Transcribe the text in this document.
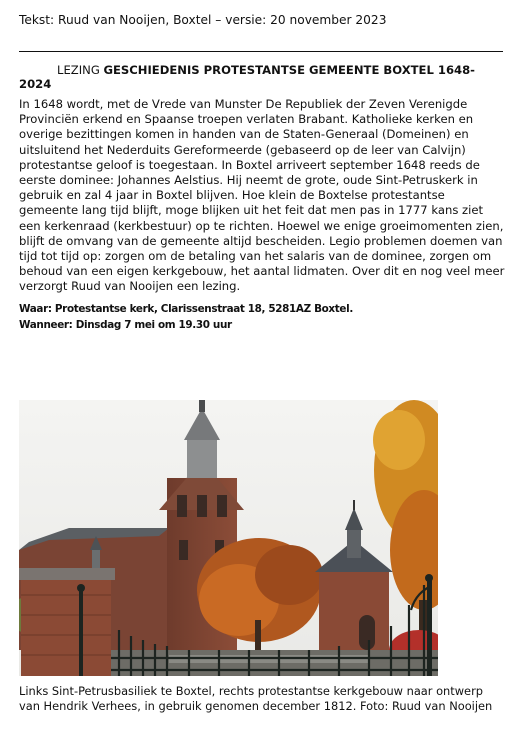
Tekst: Ruud van Nooijen, Boxtel – versie: 20 november 2023
LEZING GESCHIEDENIS PROTESTANTSE GEMEENTE BOXTEL 1648-2024
In 1648 wordt, met de Vrede van Munster De Republiek der Zeven Verenigde Provinciën erkend en Spaanse troepen verlaten Brabant. Katholieke kerken en overige bezittingen komen in handen van de Staten-Generaal (Domeinen) en uitsluitend het Nederduits Gereformeerde (gebaseerd op de leer van Calvijn) protestantse geloof is toegestaan. In Boxtel arriveert september 1648 reeds de eerste dominee: Johannes Aelstius. Hij neemt de grote, oude Sint-Petruskerk in gebruik en zal 4 jaar in Boxtel blijven. Hoe klein de Boxtelse protestantse gemeente lang tijd blijft, moge blijken uit het feit dat men pas in 1777 kans ziet een kerkenraad (kerkbestuur) op te richten. Hoewel we enige groeimomenten zien, blijft de omvang van de gemeente altijd bescheiden. Legio problemen doemen van tijd tot tijd op: zorgen om de betaling van het salaris van de dominee, zorgen om behoud van een eigen kerkgebouw, het aantal lidmaten. Over dit en nog veel meer verzorgt Ruud van Nooijen een lezing.
Waar: Protestantse kerk, Clarissenstraat 18, 5281AZ Boxtel.
Wanneer: Dinsdag 7 mei om 19.30 uur
Links Sint-Petrusbasiliek te Boxtel, rechts protestantse kerkgebouw naar ontwerp van Hendrik Verhees, in gebruik genomen december 1812. Foto: Ruud van Nooijen
